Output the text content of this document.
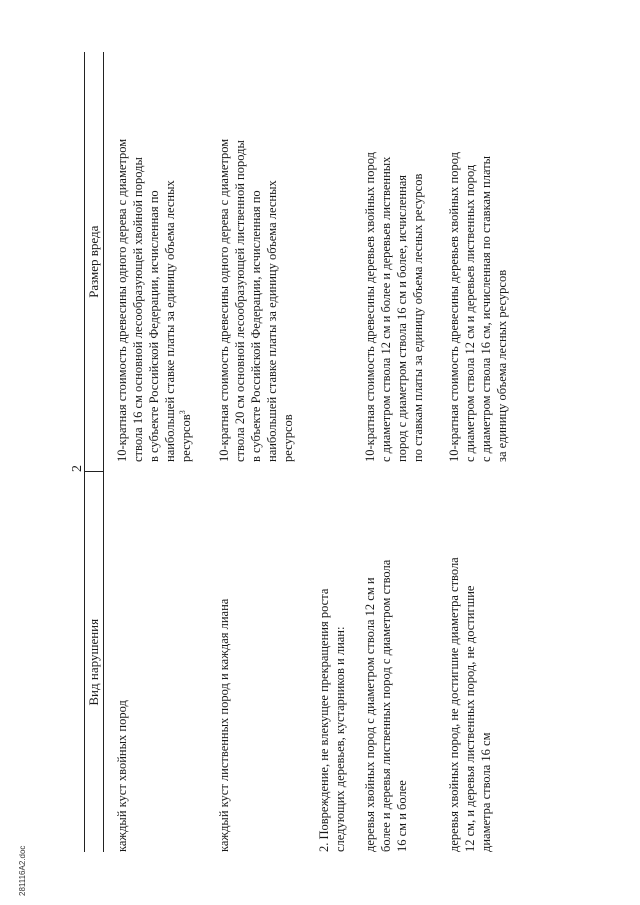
2
Вид нарушения
Размер вреда
каждый куст хвойных пород
10-кратная стоимость древесины одного дерева с диаметром
ствола 16 см основной лесообразующей хвойной породы
в субъекте Российской Федерации, исчисленная по
наибольшей ставке платы за единицу объема лесных
ресурсов$^3$
каждый куст лиственных пород и каждая лиана
10-кратная стоимость древесины одного дерева с диаметром
ствола 20 см основной лесообразующей лиственной породы
в субъекте Российской Федерации, исчисленная по
наибольшей ставке платы за единицу объема лесных
ресурсов
2. Повреждение, не влекущее прекращения роста
следующих деревьев, кустарников и лиан:
деревья хвойных пород с диаметром ствола 12 см и
более и деревья лиственных пород с диаметром ствола
16 см и более
10-кратная стоимость древесины деревьев хвойных пород
с диаметром ствола 12 см и более и деревьев лиственных
пород с диаметром ствола 16 см и более, исчисленная
по ставкам платы за единицу объема лесных ресурсов
деревья хвойных пород, не достигшие диаметра ствола
12 см, и деревья лиственных пород, не достигшие
диаметра ствола 16 см
10-кратная стоимость древесины деревьев хвойных пород
с диаметром ствола 12 см и деревьев лиственных пород
с диаметром ствола 16 см, исчисленная по ставкам платы
за единицу объема лесных ресурсов
281116A2.doc
